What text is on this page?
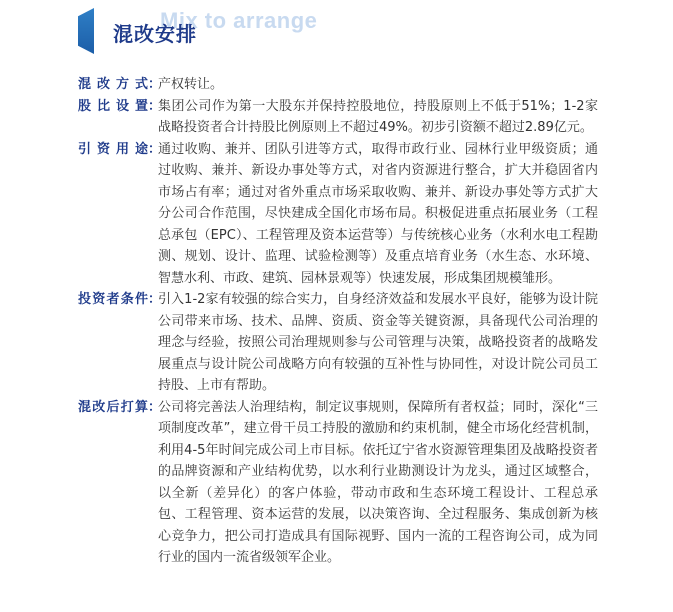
Mix to arrange
混改安排
混改方式：
产权转让。
股比设置：
集团公司作为第一大股东并保持控股地位，持股原则上不低于51%；1-2家战略投资者合计持股比例原则上不超过49%。初步引资额不超过2.89亿元。
引资用途：
通过收购、兼并、团队引进等方式，取得市政行业、园林行业甲级资质；通过收购、兼并、新设办事处等方式，对省内资源进行整合，扩大并稳固省内市场占有率；通过对省外重点市场采取收购、兼并、新设办事处等方式扩大分公司合作范围，尽快建成全国化市场布局。积极促进重点拓展业务（工程总承包（EPC）、工程管理及资本运营等）与传统核心业务（水利水电工程勘测、规划、设计、监理、试验检测等）及重点培育业务（水生态、水环境、智慧水利、市政、建筑、园林景观等）快速发展，形成集团规模雏形。
投资者条件：
引入1-2家有较强的综合实力，自身经济效益和发展水平良好，能够为设计院公司带来市场、技术、品牌、资质、资金等关键资源，具备现代公司治理的理念与经验，按照公司治理规则参与公司管理与决策，战略投资者的战略发展重点与设计院公司战略方向有较强的互补性与协同性，对设计院公司员工持股、上市有帮助。
混改后打算：
公司将完善法人治理结构，制定议事规则，保障所有者权益；同时，深化“三项制度改革”，建立骨干员工持股的激励和约束机制，健全市场化经营机制，利用4-5年时间完成公司上市目标。依托辽宁省水资源管理集团及战略投资者的品牌资源和产业结构优势，以水利行业勘测设计为龙头，通过区域整合，以全新（差异化）的客户体验，带动市政和生态环境工程设计、工程总承包、工程管理、资本运营的发展，以决策咨询、全过程服务、集成创新为核心竞争力，把公司打造成具有国际视野、国内一流的工程咨询公司，成为同行业的国内一流省级领军企业。
